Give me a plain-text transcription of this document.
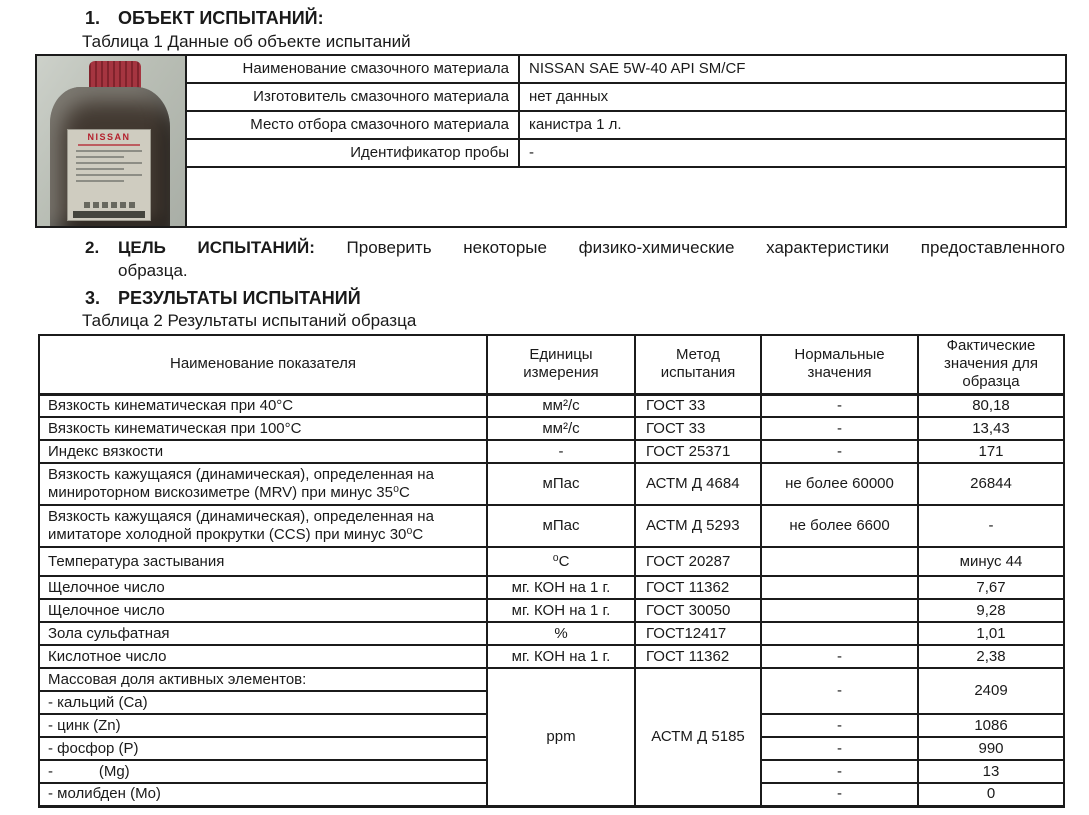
1. ОБЪЕКТ ИСПЫТАНИЙ:
Таблица 1 Данные об объекте испытаний
NISSAN	Наименование смазочного материала	NISSAN SAE 5W-40 API SM/CF
	Изготовитель смазочного материала	нет данных
	Место отбора смазочного материала	канистра 1 л.
	Идентификатор пробы	-

2.	ЦЕЛЬ ИСПЫТАНИЙ: Проверить некоторые физико-химические характеристики предоставленного
образца.
3. РЕЗУЛЬТАТЫ ИСПЫТАНИЙ
Таблица 2 Результаты испытаний образца
Наименование показателя	Единицы измерения	Метод испытания	Нормальные значения	Фактические значения для образца
Вязкость кинематическая при 40°C	мм²/с	ГОСТ 33	-	80,18
Вязкость кинематическая при 100°C	мм²/с	ГОСТ 33	-	13,43
Индекс вязкости	-	ГОСТ 25371	-	171
Вязкость кажущаяся (динамическая), определенная на минироторном вискозиметре (MRV) при минус 35⁰C	мПас	АСТМ Д 4684	не более 60000	26844
Вязкость кажущаяся (динамическая), определенная на имитаторе холодной прокрутки (CCS) при минус 30⁰C	мПас	АСТМ Д 5293	не более 6600	-
Температура застывания	⁰C	ГОСТ 20287		минус 44
Щелочное число	мг. КОН на 1 г.	ГОСТ 11362		7,67
Щелочное число	мг. КОН на 1 г.	ГОСТ 30050		9,28
Зола сульфатная	%	ГОСТ12417		1,01
Кислотное число	мг. КОН на 1 г.	ГОСТ 11362	-	2,38
Массовая доля активных элементов:	ppm	АСТМ Д 5185	-	2409
- кальций (Ca)				
- цинк (Zn)			-	1086
- фосфор (P)			-	990
-           (Mg)			-	13
- молибден (Mo)			-	0
